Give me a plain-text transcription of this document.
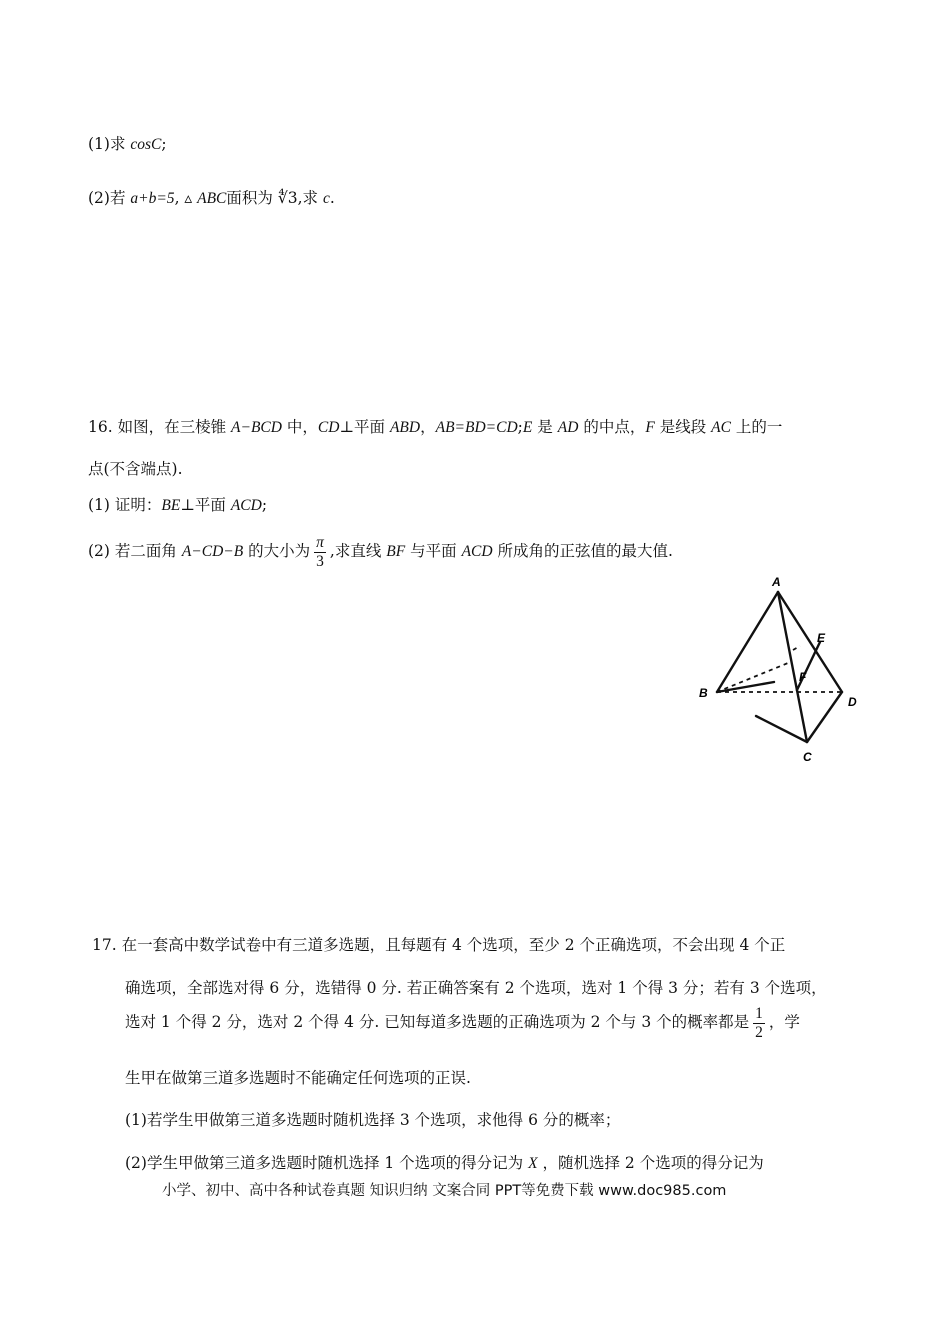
(1)求 cosC;
(2)若 a+b=5, ▵ ABC面积为 ∜3,求 c.
16. 如图，在三棱锥 A−BCD 中，CD⊥平面 ABD，AB=BD=CD;E 是 AD 的中点，F 是线段 AC 上的一
点(不含端点).
(1) 证明：BE⊥平面 ACD;
(2) 若二面角 A−CD−B 的大小为 $\frac{\pi}{3}$ ,求直线 BF 与平面 ACD 所成角的正弦值的最大值.
A
B
C
D
E
F
17. 在一套高中数学试卷中有三道多选题，且每题有 4 个选项，至少 2 个正确选项，不会出现 4 个正
确选项，全部选对得 6 分，选错得 0 分. 若正确答案有 2 个选项，选对 1 个得 3 分；若有 3 个选项，
选对 1 个得 2 分，选对 2 个得 4 分. 已知每道多选题的正确选项为 2 个与 3 个的概率都是 $\frac{1}{2}$ ，学
生甲在做第三道多选题时不能确定任何选项的正误.
(1)若学生甲做第三道多选题时随机选择 3 个选项，求他得 6 分的概率；
(2)学生甲做第三道多选题时随机选择 1 个选项的得分记为 X ，随机选择 2 个选项的得分记为
小学、初中、高中各种试卷真题 知识归纳 文案合同 PPT等免费下载 www.doc985.com
